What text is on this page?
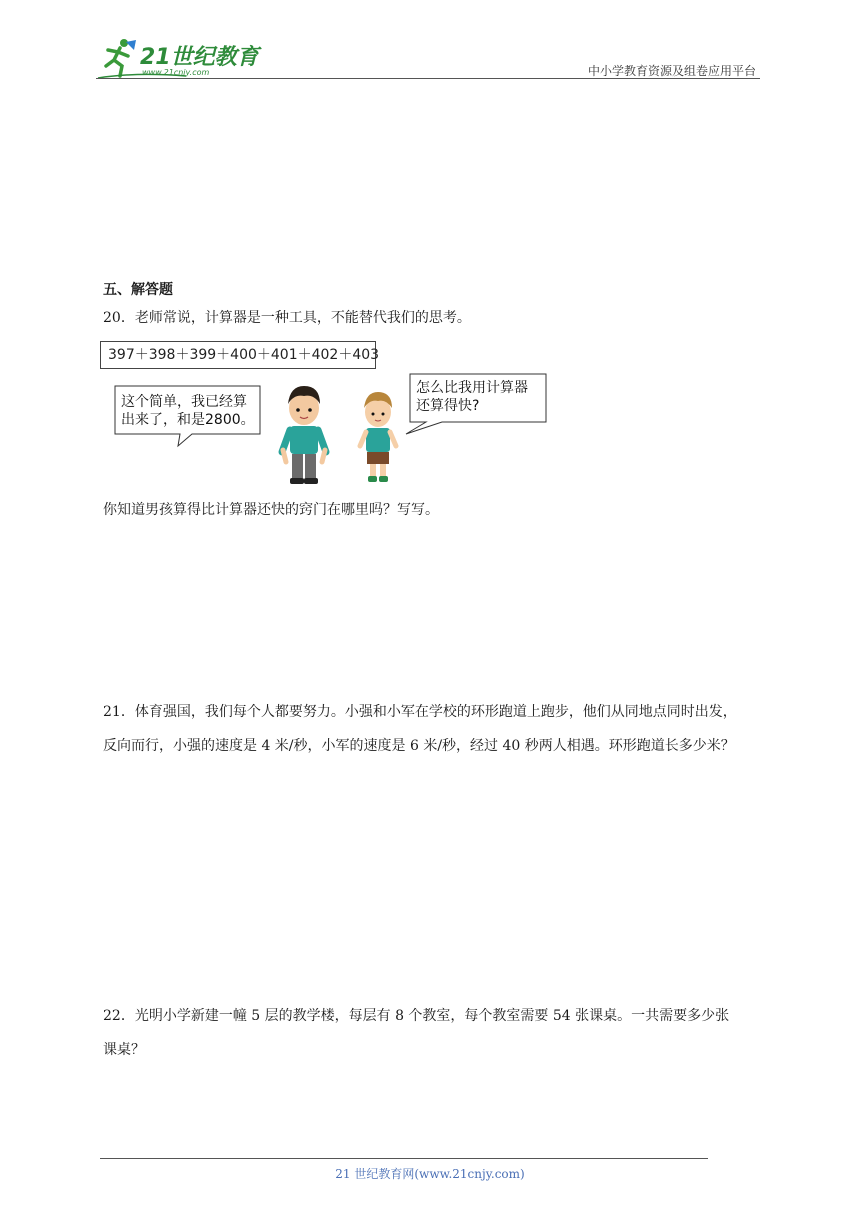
21世纪教育
www.21cnjy.com	中小学教育资源及组卷应用平台
五、解答题
20．老师常说，计算器是一种工具，不能替代我们的思考。
397＋398＋399＋400＋401＋402＋403
这个简单，我已经算
出来了，和是2800。
怎么比我用计算器
还算得快?
你知道男孩算得比计算器还快的窍门在哪里吗？写写。
21．体育强国，我们每个人都要努力。小强和小军在学校的环形跑道上跑步，他们从同地点同时出发，
反向而行，小强的速度是 4 米/秒，小军的速度是 6 米/秒，经过 40 秒两人相遇。环形跑道长多少米？
22．光明小学新建一幢 5 层的教学楼，每层有 8 个教室，每个教室需要 54 张课桌。一共需要多少张
课桌？
21 世纪教育网(www.21cnjy.com)
